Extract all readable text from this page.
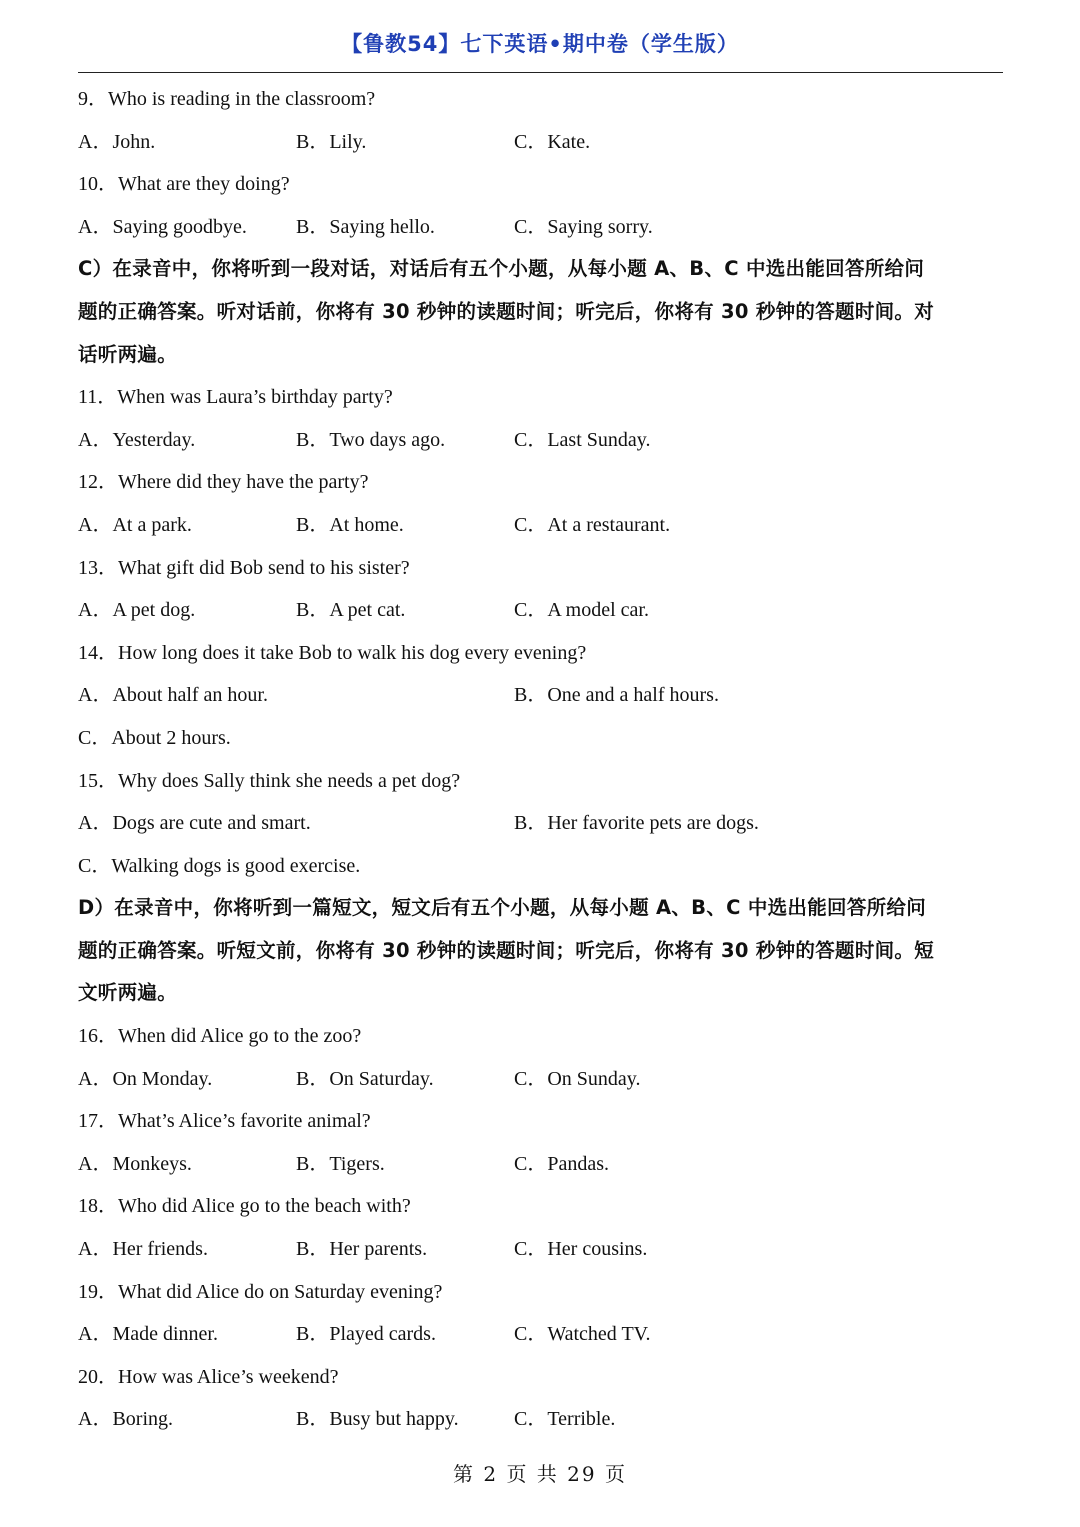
【鲁教54】七下英语•期中卷（学生版）
9．Who is reading in the classroom?
A．John.	B．Lily.	C．Kate.
10．What are they doing?
A．Saying goodbye. B．Saying hello.	C．Saying sorry.
C）在录音中，你将听到一段对话，对话后有五个小题，从每小题 A、B、C 中选出能回答所给问
题的正确答案。听对话前，你将有 30 秒钟的读题时间；听完后，你将有 30 秒钟的答题时间。对
话听两遍。
11．When was Laura’s birthday party?
A．Yesterday.	B．Two days ago.	C．Last Sunday.
12．Where did they have the party?
A．At a park.	B．At home.	C．At a restaurant.
13．What gift did Bob send to his sister?
A．A pet dog.	B．A pet cat.	C．A model car.
14．How long does it take Bob to walk his dog every evening?
A．About half an hour.	B．One and a half hours.
C．About 2 hours.
15．Why does Sally think she needs a pet dog?
A．Dogs are cute and smart.	B．Her favorite pets are dogs.
C．Walking dogs is good exercise.
D）在录音中，你将听到一篇短文，短文后有五个小题，从每小题 A、B、C 中选出能回答所给问
题的正确答案。听短文前，你将有 30 秒钟的读题时间；听完后，你将有 30 秒钟的答题时间。短
文听两遍。
16．When did Alice go to the zoo?
A．On Monday.	B．On Saturday.	C．On Sunday.
17．What’s Alice’s favorite animal?
A．Monkeys.	B．Tigers.	C．Pandas.
18．Who did Alice go to the beach with?
A．Her friends.	B．Her parents.	C．Her cousins.
19．What did Alice do on Saturday evening?
A．Made dinner.	B．Played cards.	C．Watched TV.
20．How was Alice’s weekend?
A．Boring.	B．Busy but happy.	C．Terrible.
第 2 页 共 29 页
